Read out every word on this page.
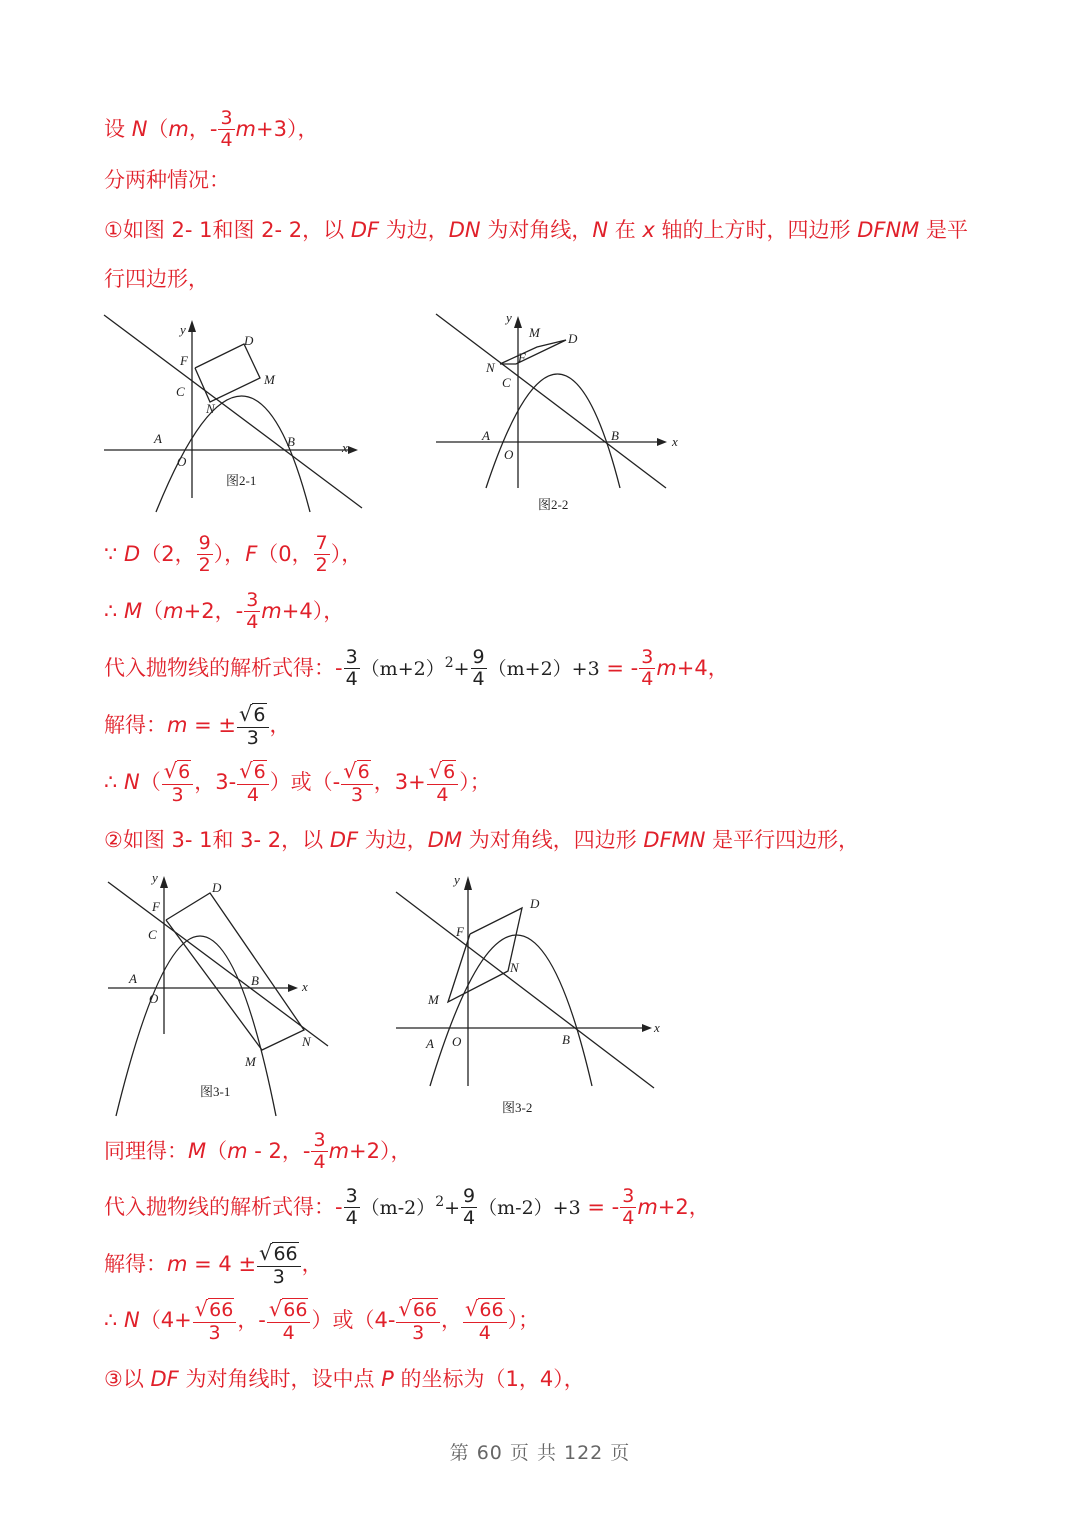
设 N（m，- $\frac{3}{4} m+3$），
分两种情况：
①如图 2- 1和图 2- 2，以 DF 为边，DN 为对角线，N 在 x 轴的上方时，四边形 DFNM 是平
行四边形，
y
x
F
D
C
M
N
A	B
O
图2-1
y
x
M D
N
F
C
A	B
O
图2-2
∵ D（2， $\frac{9}{2}$ ），F（0， $\frac{7}{2}$ ），
∴ M（m+2，- $\frac{3}{4} m+4$），
代入抛物线的解析式得：- $\frac{3}{4} (m+2)^2+ \frac{9}{4} (m+2)+3$ = - $\frac{3}{4} m+4$，
解得：m = ± $\frac{√6}{3}$ ，
∴ $N( \frac{√6}{3}$ ，$3- \frac{√6}{4}$ ）或（- $\frac{√6}{3}$ ，$3+ \frac{√6}{4}$ ）；
②如图 3- 1和 3- 2，以 DF 为边，DM 为对角线，四边形 DFMN 是平行四边形，
y
x
D
F
C
A
O
B
M
N
图3-1
y
x
D
F
N
M
A O	B
图3-2
同理得：M（m - 2，- $\frac{3}{4} m+2$），
代入抛物线的解析式得：- $\frac{3}{4} (m-2)^2+ \frac{9}{4} (m-2)+3$ = - $\frac{3}{4} m+2$，
解得：$m = 4 \pm \frac{√66}{3}$ ，
∴ $N(4+ \frac{√66}{3}$ ，- $\frac{√66}{4}$ ）或（$4- \frac{√66}{3}$ ， $\frac{√66}{4}$ ）；
③以 DF 为对角线时，设中点 P 的坐标为（1，4），
第 60 页 共 122 页
